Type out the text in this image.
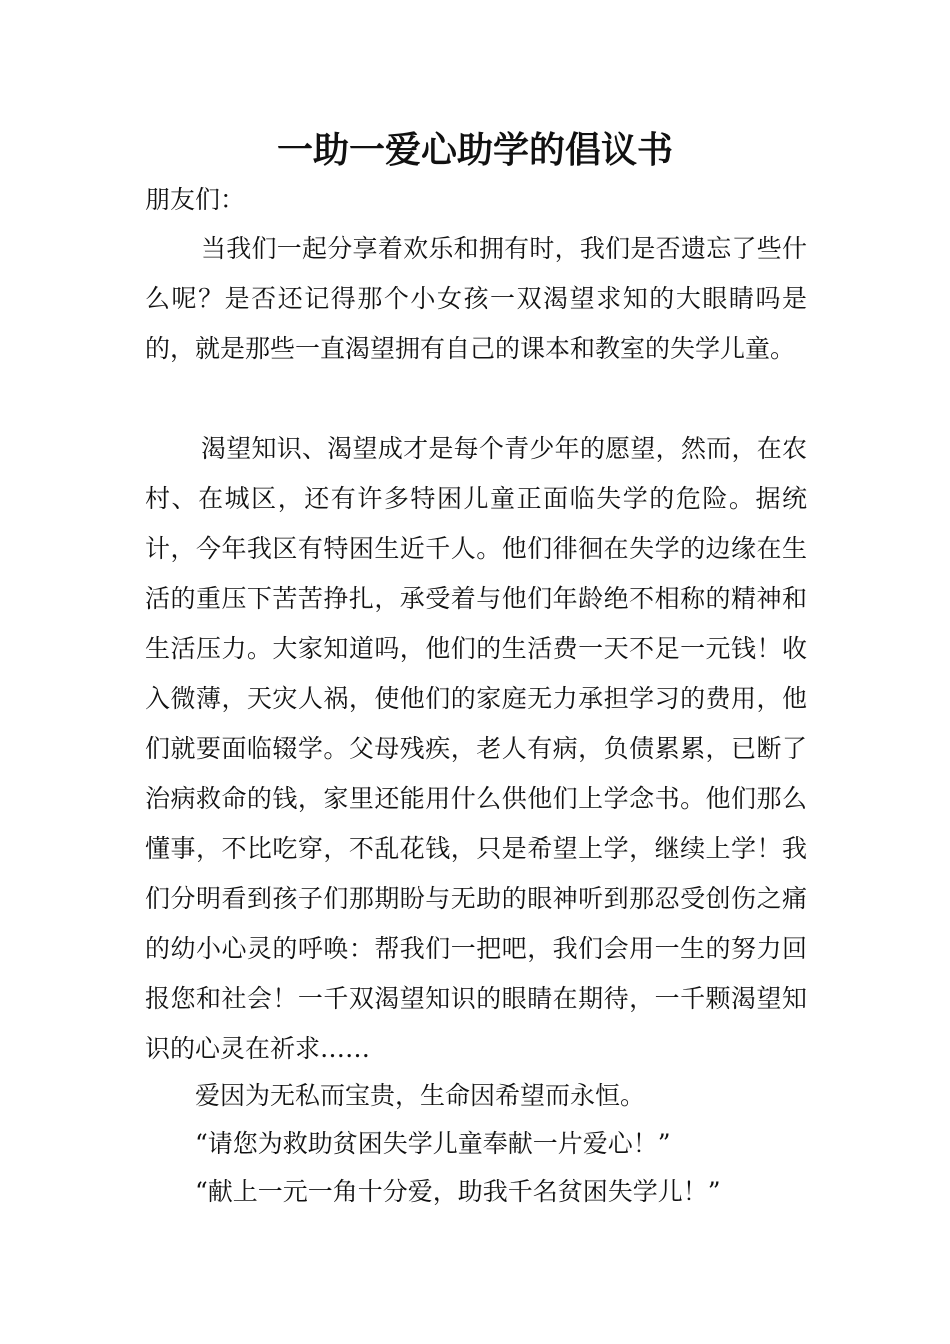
一助一爱心助学的倡议书
朋友们：
当我们一起分享着欢乐和拥有时，我们是否遗忘了些什么呢？是否还记得那个小女孩一双渴望求知的大眼睛吗是的，就是那些一直渴望拥有自己的课本和教室的失学儿童。
渴望知识、渴望成才是每个青少年的愿望，然而，在农村、在城区，还有许多特困儿童正面临失学的危险。据统计，今年我区有特困生近千人。他们徘徊在失学的边缘在生活的重压下苦苦挣扎，承受着与他们年龄绝不相称的精神和生活压力。大家知道吗，他们的生活费一天不足一元钱！收入微薄，天灾人祸，使他们的家庭无力承担学习的费用，他们就要面临辍学。父母残疾，老人有病，负债累累，已断了治病救命的钱，家里还能用什么供他们上学念书。他们那么懂事，不比吃穿，不乱花钱，只是希望上学，继续上学！我们分明看到孩子们那期盼与无助的眼神听到那忍受创伤之痛的幼小心灵的呼唤：帮我们一把吧，我们会用一生的努力回报您和社会！一千双渴望知识的眼睛在期待，一千颗渴望知识的心灵在祈求……
爱因为无私而宝贵，生命因希望而永恒。
“请您为救助贫困失学儿童奉献一片爱心！”
“献上一元一角十分爱，助我千名贫困失学儿！”
